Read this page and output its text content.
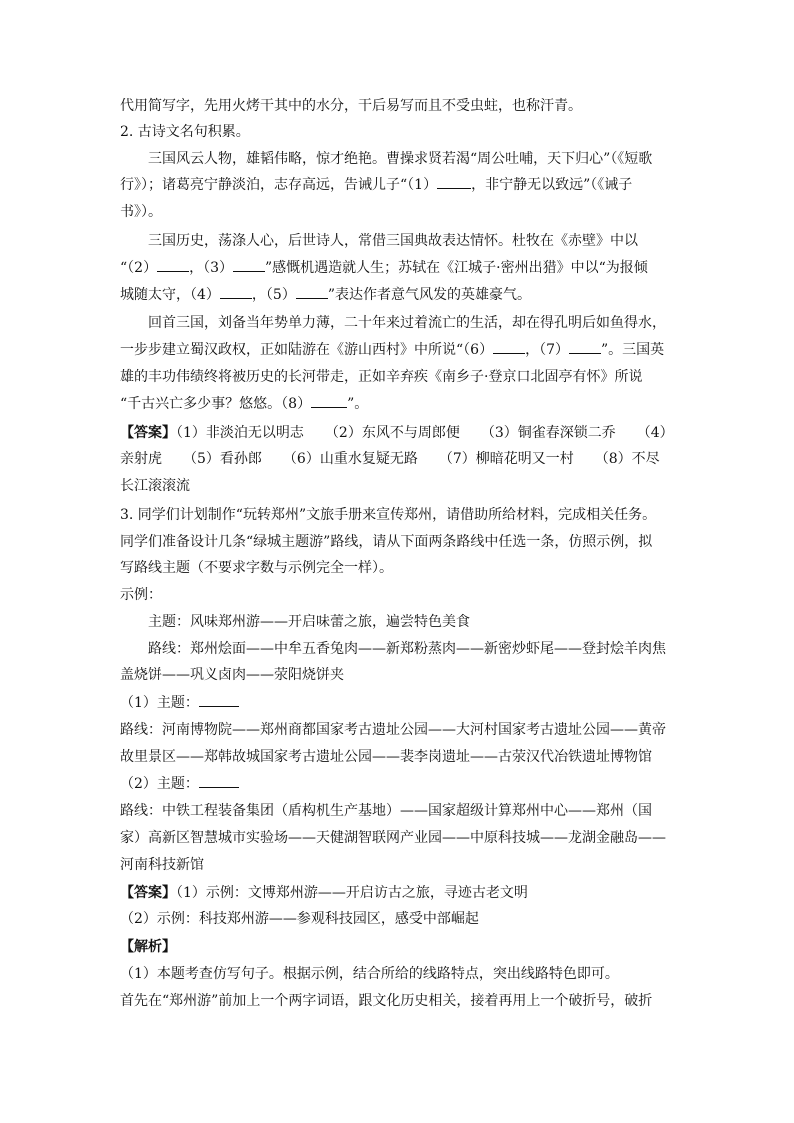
代用简写字，先用火烤干其中的水分，干后易写而且不受虫蛀，也称汗青。
2. 古诗文名句积累。
三国风云人物，雄韬伟略，惊才绝艳。曹操求贤若渴“周公吐哺，天下归心”（《短歌
行》）；诸葛亮宁静淡泊，志存高远，告诫儿子“（1） ，非宁静无以致远”（《诫子
书》）。
三国历史，荡涤人心，后世诗人，常借三国典故表达情怀。杜牧在《赤壁》中以
“（2） ，（3） ”感慨机遇造就人生；苏轼在《江城子·密州出猎》中以“为报倾
城随太守，（4） ，（5） ”表达作者意气风发的英雄豪气。
回首三国，刘备当年势单力薄，二十年来过着流亡的生活，却在得孔明后如鱼得水，
一步步建立蜀汉政权，正如陆游在《游山西村》中所说“（6） ，（7） ”。三国英
雄的丰功伟绩终将被历史的长河带走，正如辛弃疾《南乡子·登京口北固亭有怀》所说
“千古兴亡多少事？悠悠。（8）	”。
【答案】（1）非淡泊无以明志　　（2）东风不与周郎便　　（3）铜雀春深锁二乔　　（4）
亲射虎　　（5）看孙郎　　（6）山重水复疑无路　　（7）柳暗花明又一村　　（8）不尽
长江滚滚流
3. 同学们计划制作“玩转郑州”文旅手册来宣传郑州，请借助所给材料，完成相关任务。
同学们准备设计几条“绿城主题游”路线，请从下面两条路线中任选一条，仿照示例，拟
写路线主题（不要求字数与示例完全一样）。
示例：
主题：风味郑州游——开启味蕾之旅，遍尝特色美食
路线：郑州烩面——中牟五香兔肉——新郑粉蒸肉——新密炒虾尾——登封烩羊肉焦
盖烧饼——巩义卤肉——荥阳烧饼夹
（1）主题：
路线：河南博物院——郑州商都国家考古遗址公园——大河村国家考古遗址公园——黄帝
故里景区——郑韩故城国家考古遗址公园——裴李岗遗址——古荥汉代冶铁遗址博物馆
（2）主题：
路线：中铁工程装备集团（盾构机生产基地）——国家超级计算郑州中心——郑州（国
家）高新区智慧城市实验场——天健湖智联网产业园——中原科技城——龙湖金融岛——
河南科技新馆
【答案】（1）示例：文博郑州游——开启访古之旅，寻迹古老文明
（2）示例：科技郑州游——参观科技园区，感受中部崛起
【解析】
（1）本题考查仿写句子。根据示例，结合所给的线路特点，突出线路特色即可。
首先在“郑州游”前加上一个两字词语，跟文化历史相关，接着再用上一个破折号，破折
